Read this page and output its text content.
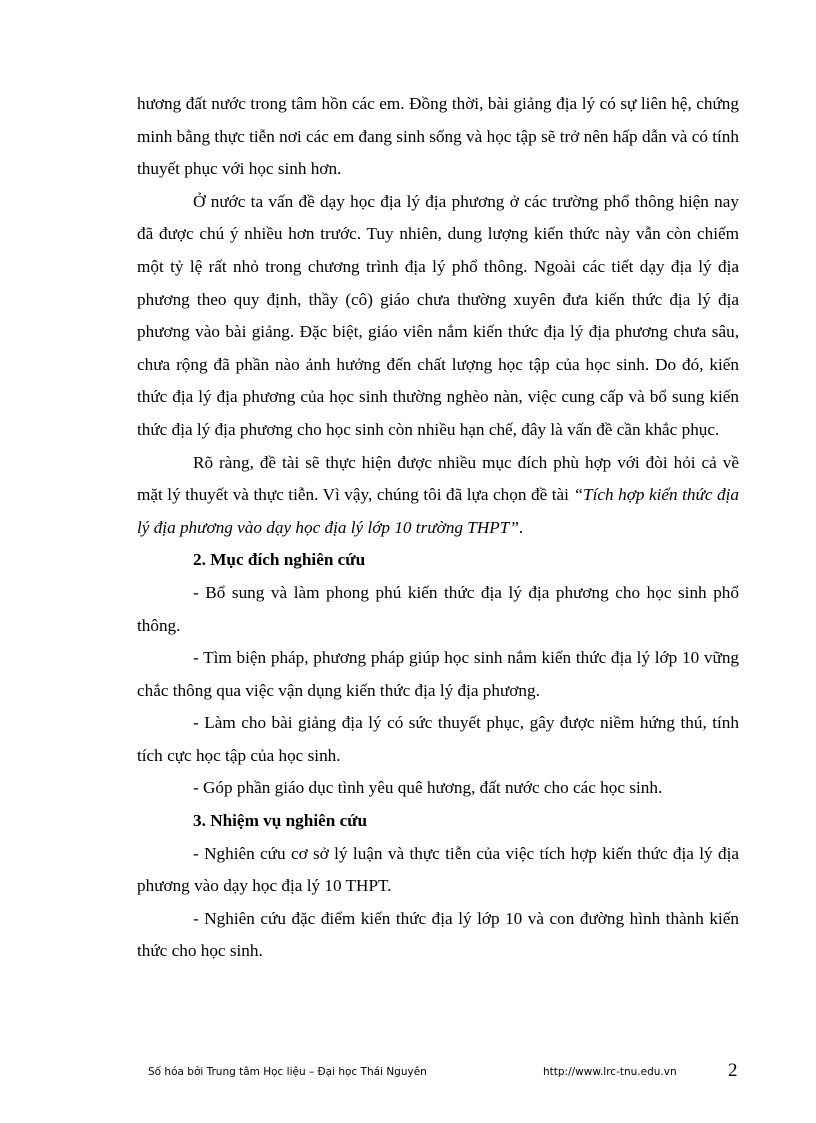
hương đất nước trong tâm hồn các em. Đồng thời, bài giảng địa lý có sự liên hệ, chứng minh bằng thực tiễn nơi các em đang sinh sống và học tập sẽ trở nên hấp dẫn và có tính thuyết phục với học sinh hơn.

Ở nước ta vấn đề dạy học địa lý địa phương ở các trường phổ thông hiện nay đã được chú ý nhiều hơn trước. Tuy nhiên, dung lượng kiến thức này vẫn còn chiếm một tỷ lệ rất nhỏ trong chương trình địa lý phổ thông. Ngoài các tiết dạy địa lý địa phương theo quy định, thầy (cô) giáo chưa thường xuyên đưa kiến thức địa lý địa phương vào bài giảng. Đặc biệt, giáo viên nắm kiến thức địa lý địa phương chưa sâu, chưa rộng đã phần nào ảnh hưởng đến chất lượng học tập của học sinh. Do đó, kiến thức địa lý địa phương của học sinh thường nghèo nàn, việc cung cấp và bổ sung kiến thức địa lý địa phương cho học sinh còn nhiều hạn chế, đây là vấn đề cần khắc phục.

Rõ ràng, đề tài sẽ thực hiện được nhiều mục đích phù hợp với đòi hỏi cả về mặt lý thuyết và thực tiễn. Vì vậy, chúng tôi đã lựa chọn đề tài “Tích hợp kiến thức địa lý địa phương vào dạy học địa lý lớp 10 trường THPT”.

2. Mục đích nghiên cứu

- Bổ sung và làm phong phú kiến thức địa lý địa phương cho học sinh phổ thông.

- Tìm biện pháp, phương pháp giúp học sinh nắm kiến thức địa lý lớp 10 vững chắc thông qua việc vận dụng kiến thức địa lý địa phương.

- Làm cho bài giảng địa lý có sức thuyết phục, gây được niềm hứng thú, tính tích cực học tập của học sinh.

- Góp phần giáo dục tình yêu quê hương, đất nước cho các học sinh.

3. Nhiệm vụ nghiên cứu

- Nghiên cứu cơ sở lý luận và thực tiễn của việc tích hợp kiến thức địa lý địa phương vào dạy học địa lý 10 THPT.

- Nghiên cứu đặc điểm kiến thức địa lý lớp 10 và con đường hình thành kiến thức cho học sinh.

Số hóa bởi Trung tâm Học liệu – Đại học Thái Nguyên	http://www.lrc-tnu.edu.vn	2
